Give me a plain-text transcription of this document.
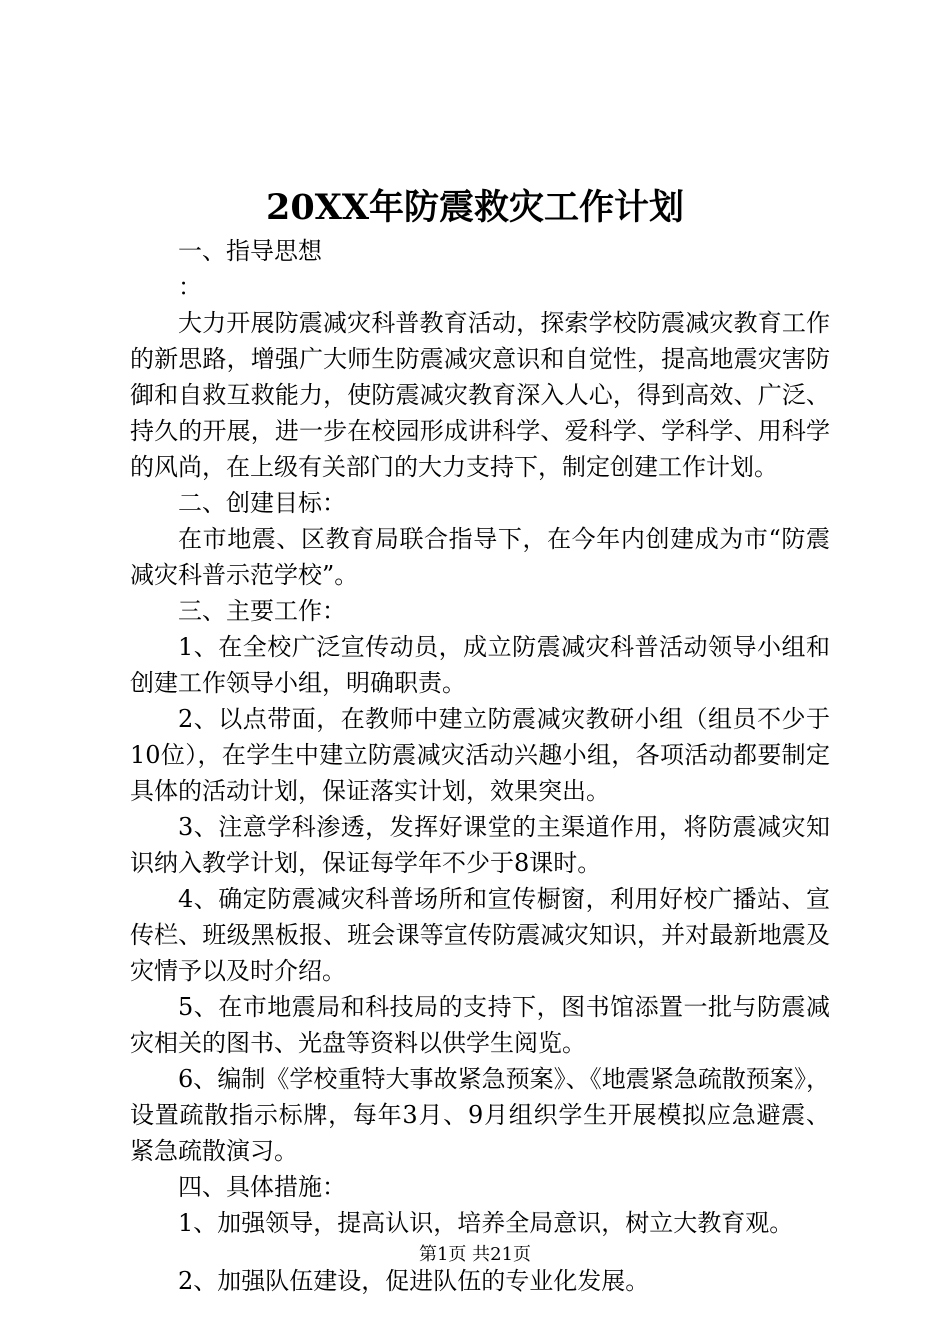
20XX年防震救灾工作计划

一、指导思想

：

大力开展防震减灾科普教育活动，探索学校防震减灾教育工作的新思路，增强广大师生防震减灾意识和自觉性，提高地震灾害防御和自救互救能力，使防震减灾教育深入人心，得到高效、广泛、持久的开展，进一步在校园形成讲科学、爱科学、学科学、用科学的风尚，在上级有关部门的大力支持下，制定创建工作计划。

二、创建目标：

在市地震、区教育局联合指导下，在今年内创建成为市“防震减灾科普示范学校”。

三、主要工作：

1、在全校广泛宣传动员，成立防震减灾科普活动领导小组和创建工作领导小组，明确职责。

2、以点带面，在教师中建立防震减灾教研小组（组员不少于10位），在学生中建立防震减灾活动兴趣小组，各项活动都要制定具体的活动计划，保证落实计划，效果突出。

3、注意学科渗透，发挥好课堂的主渠道作用，将防震减灾知识纳入教学计划，保证每学年不少于8课时。

4、确定防震减灾科普场所和宣传橱窗，利用好校广播站、宣传栏、班级黑板报、班会课等宣传防震减灾知识，并对最新地震及灾情予以及时介绍。

5、在市地震局和科技局的支持下，图书馆添置一批与防震减灾相关的图书、光盘等资料以供学生阅览。

6、编制《学校重特大事故紧急预案》、《地震紧急疏散预案》，设置疏散指示标牌，每年3月、9月组织学生开展模拟应急避震、紧急疏散演习。

四、具体措施：

1、加强领导，提高认识，培养全局意识，树立大教育观。

2、加强队伍建设，促进队伍的专业化发展。

第1页 共21页
